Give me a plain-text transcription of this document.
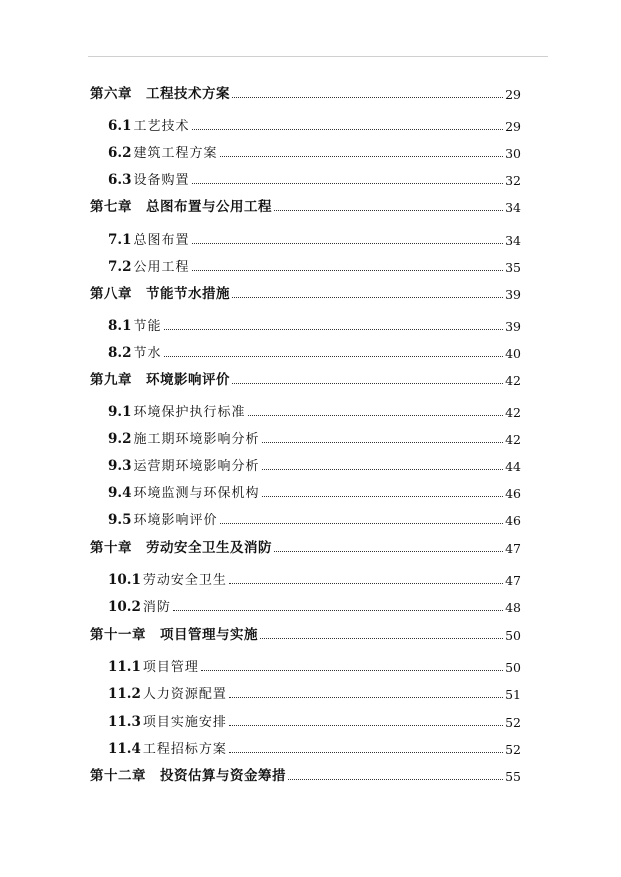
第六章 工程技术方案	29
6.1 工艺技术	29
6.2 建筑工程方案	30
6.3 设备购置	32
第七章 总图布置与公用工程	34
7.1 总图布置	34
7.2 公用工程	35
第八章 节能节水措施	39
8.1 节能	39
8.2 节水	40
第九章 环境影响评价	42
9.1 环境保护执行标准	42
9.2 施工期环境影响分析	42
9.3 运营期环境影响分析	44
9.4 环境监测与环保机构	46
9.5 环境影响评价	46
第十章 劳动安全卫生及消防	47
10.1 劳动安全卫生	47
10.2 消防	48
第十一章 项目管理与实施	50
11.1 项目管理	50
11.2 人力资源配置	51
11.3 项目实施安排	52
11.4 工程招标方案	52
第十二章 投资估算与资金筹措	55
